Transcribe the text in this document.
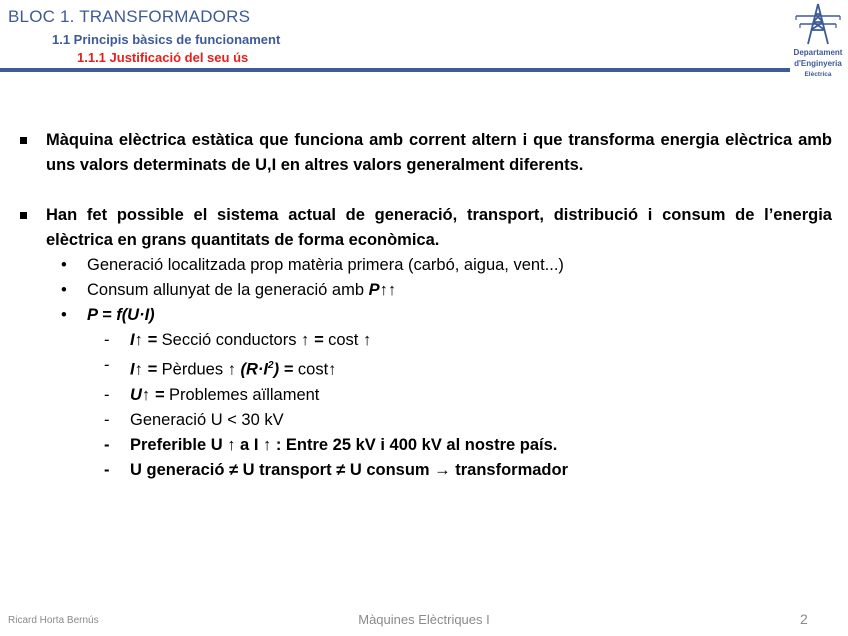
BLOC 1. TRANSFORMADORS
1.1 Principis bàsics de funcionament
1.1.1 Justificació del seu ús	Departament
d'Enginyeria
Elèctrica
Màquina elèctrica estàtica que funciona amb corrent altern i que transforma energia elèctrica amb uns valors determinats de U,I en altres valors generalment diferents.
Han fet possible el sistema actual de generació, transport, distribució i consum de l’energia elèctrica en grans quantitats de forma econòmica.
• Generació localitzada prop matèria primera (carbó, aigua, vent...)
• Consum allunyat de la generació amb P↑↑
• P = f(U·I)
- I↑ = Secció conductors ↑ = cost ↑
- I↑ = Pèrdues ↑ $(R\cdot I^2)$ = cost↑
- U↑ = Problemes aïllament
- Generació U < 30 kV
- Preferible U ↑ a I ↑ : Entre 25 kV i 400 kV al nostre país.
- U generació ≠ U transport ≠ U consum → transformador
Ricard Horta Bernús	Màquines Elèctriques I	2
